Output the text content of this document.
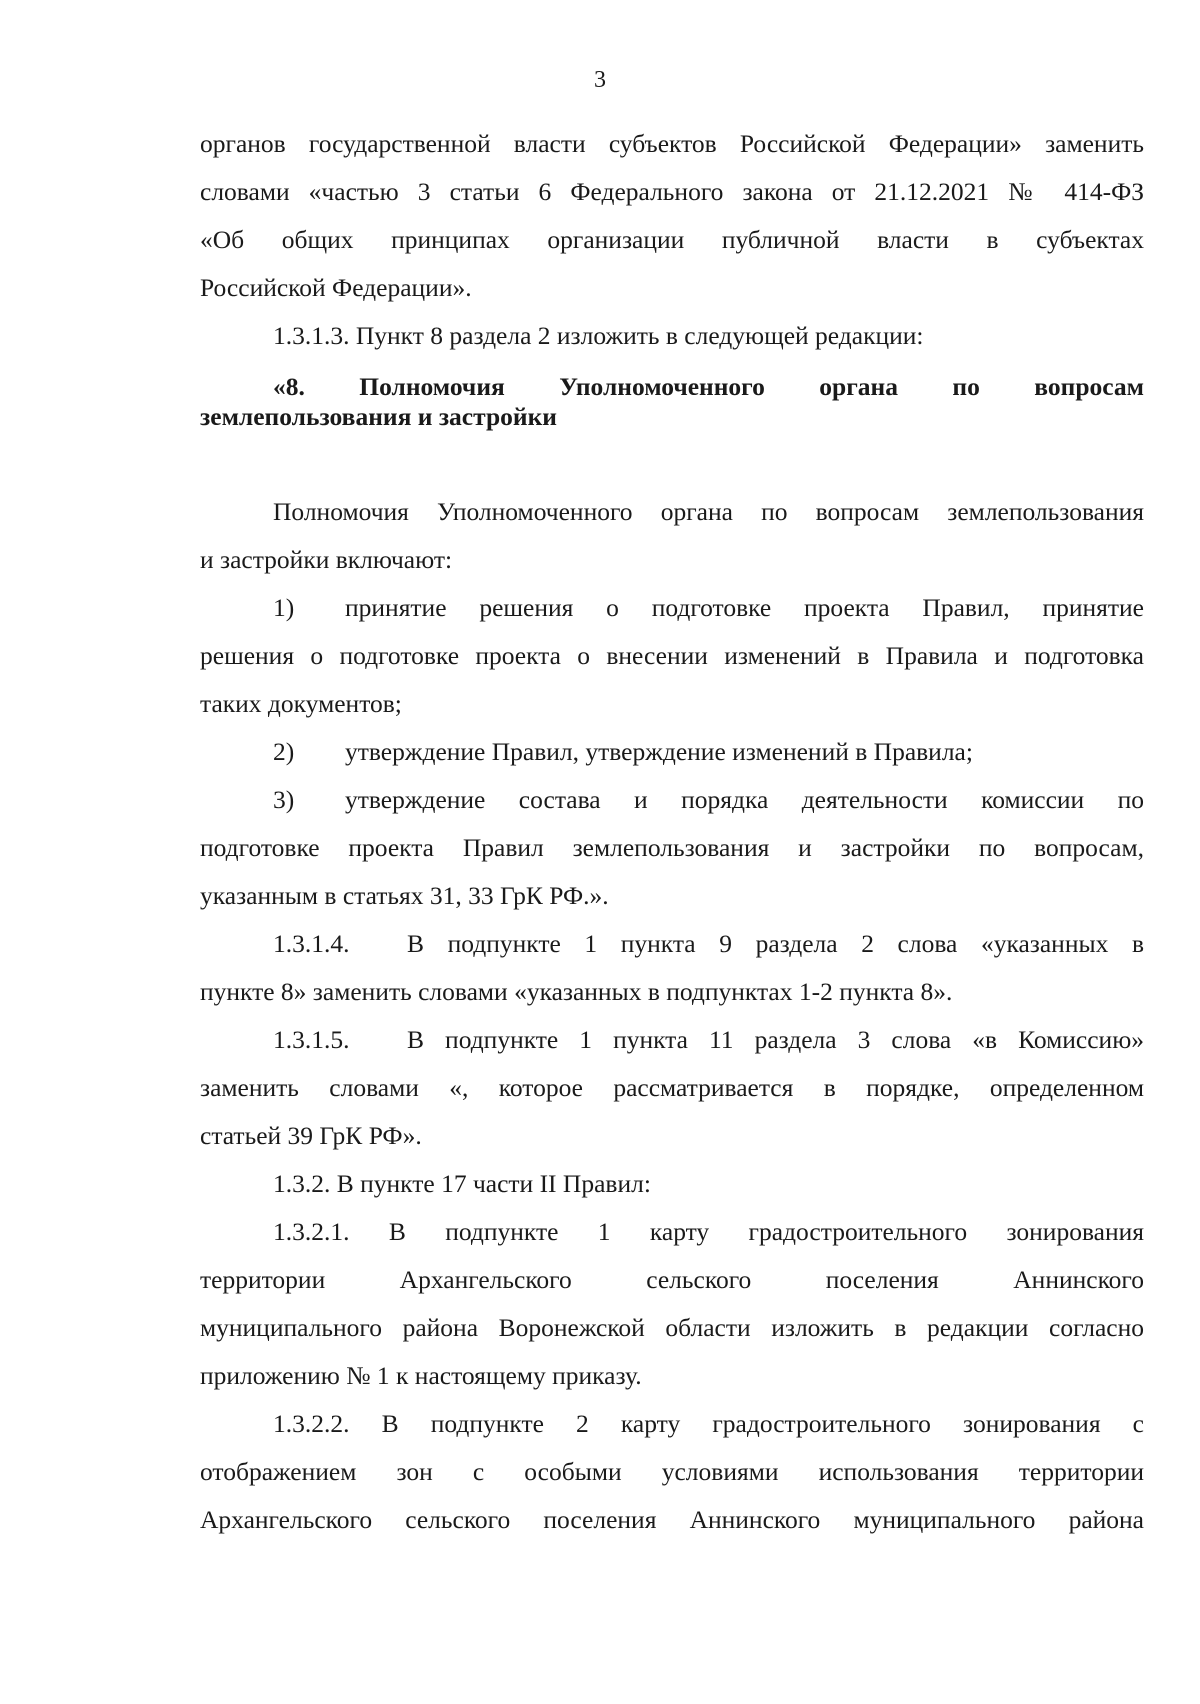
3
органов государственной власти субъектов Российской Федерации» заменить
словами «частью 3 статьи 6 Федерального закона от 21.12.2021 № 414-ФЗ
«Об общих принципах организации публичной власти в субъектах
Российской Федерации».
1.3.1.3. Пункт 8 раздела 2 изложить в следующей редакции:
«8. Полномочия Уполномоченного органа по вопросам
землепользования и застройки
Полномочия Уполномоченного органа по вопросам землепользования
и застройки включают:
1)	принятие решения о подготовке проекта Правил, принятие
решения о подготовке проекта о внесении изменений в Правила и подготовка
таких документов;
2)	утверждение Правил, утверждение изменений в Правила;
3)	утверждение состава и порядка деятельности комиссии по
подготовке проекта Правил землепользования и застройки по вопросам,
указанным в статьях 31, 33 ГрК РФ.».
1.3.1.4.	В подпункте 1 пункта 9 раздела 2 слова «указанных в
пункте 8» заменить словами «указанных в подпунктах 1-2 пункта 8».
1.3.1.5.	В подпункте 1 пункта 11 раздела 3 слова «в Комиссию»
заменить словами «, которое рассматривается в порядке, определенном
статьей 39 ГрК РФ».
1.3.2. В пункте 17 части II Правил:
1.3.2.1. В подпункте 1 карту градостроительного зонирования
территории Архангельского сельского поселения Аннинского
муниципального района Воронежской области изложить в редакции согласно
приложению № 1 к настоящему приказу.
1.3.2.2. В подпункте 2 карту градостроительного зонирования с
отображением зон с особыми условиями использования территории
Архангельского сельского поселения Аннинского муниципального района
